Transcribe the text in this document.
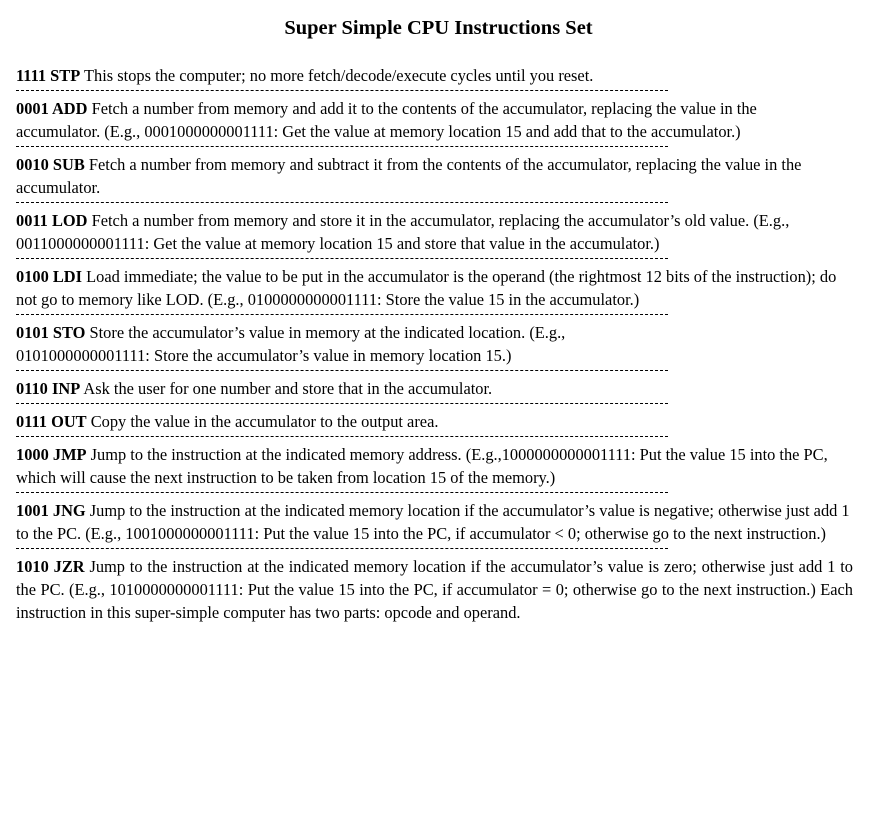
Super Simple CPU Instructions Set

1111 STP This stops the computer; no more fetch/decode/execute cycles until you reset.

0001 ADD Fetch a number from memory and add it to the contents of the accumulator, replacing the value in the accumulator. (E.g., 0001000000001111: Get the value at memory location 15 and add that to the accumulator.)

0010 SUB Fetch a number from memory and subtract it from the contents of the accumulator, replacing the value in the accumulator.

0011 LOD Fetch a number from memory and store it in the accumulator, replacing the accumulator’s old value. (E.g., 0011000000001111: Get the value at memory location 15 and store that value in the accumulator.)

0100 LDI Load immediate; the value to be put in the accumulator is the operand (the rightmost 12 bits of the instruction); do not go to memory like LOD. (E.g., 0100000000001111: Store the value 15 in the accumulator.)

0101 STO Store the accumulator’s value in memory at the indicated location. (E.g., 0101000000001111: Store the accumulator’s value in memory location 15.)

0110 INP Ask the user for one number and store that in the accumulator.

0111 OUT Copy the value in the accumulator to the output area.

1000 JMP Jump to the instruction at the indicated memory address. (E.g.,1000000000001111: Put the value 15 into the PC, which will cause the next instruction to be taken from location 15 of the memory.)

1001 JNG Jump to the instruction at the indicated memory location if the accumulator’s value is negative; otherwise just add 1 to the PC. (E.g., 1001000000001111: Put the value 15 into the PC, if accumulator < 0; otherwise go to the next instruction.)

1010 JZR Jump to the instruction at the indicated memory location if the accumulator’s value is zero; otherwise just add 1 to the PC. (E.g., 1010000000001111: Put the value 15 into the PC, if accumulator = 0; otherwise go to the next instruction.) Each instruction in this super-simple computer has two parts: opcode and operand.
